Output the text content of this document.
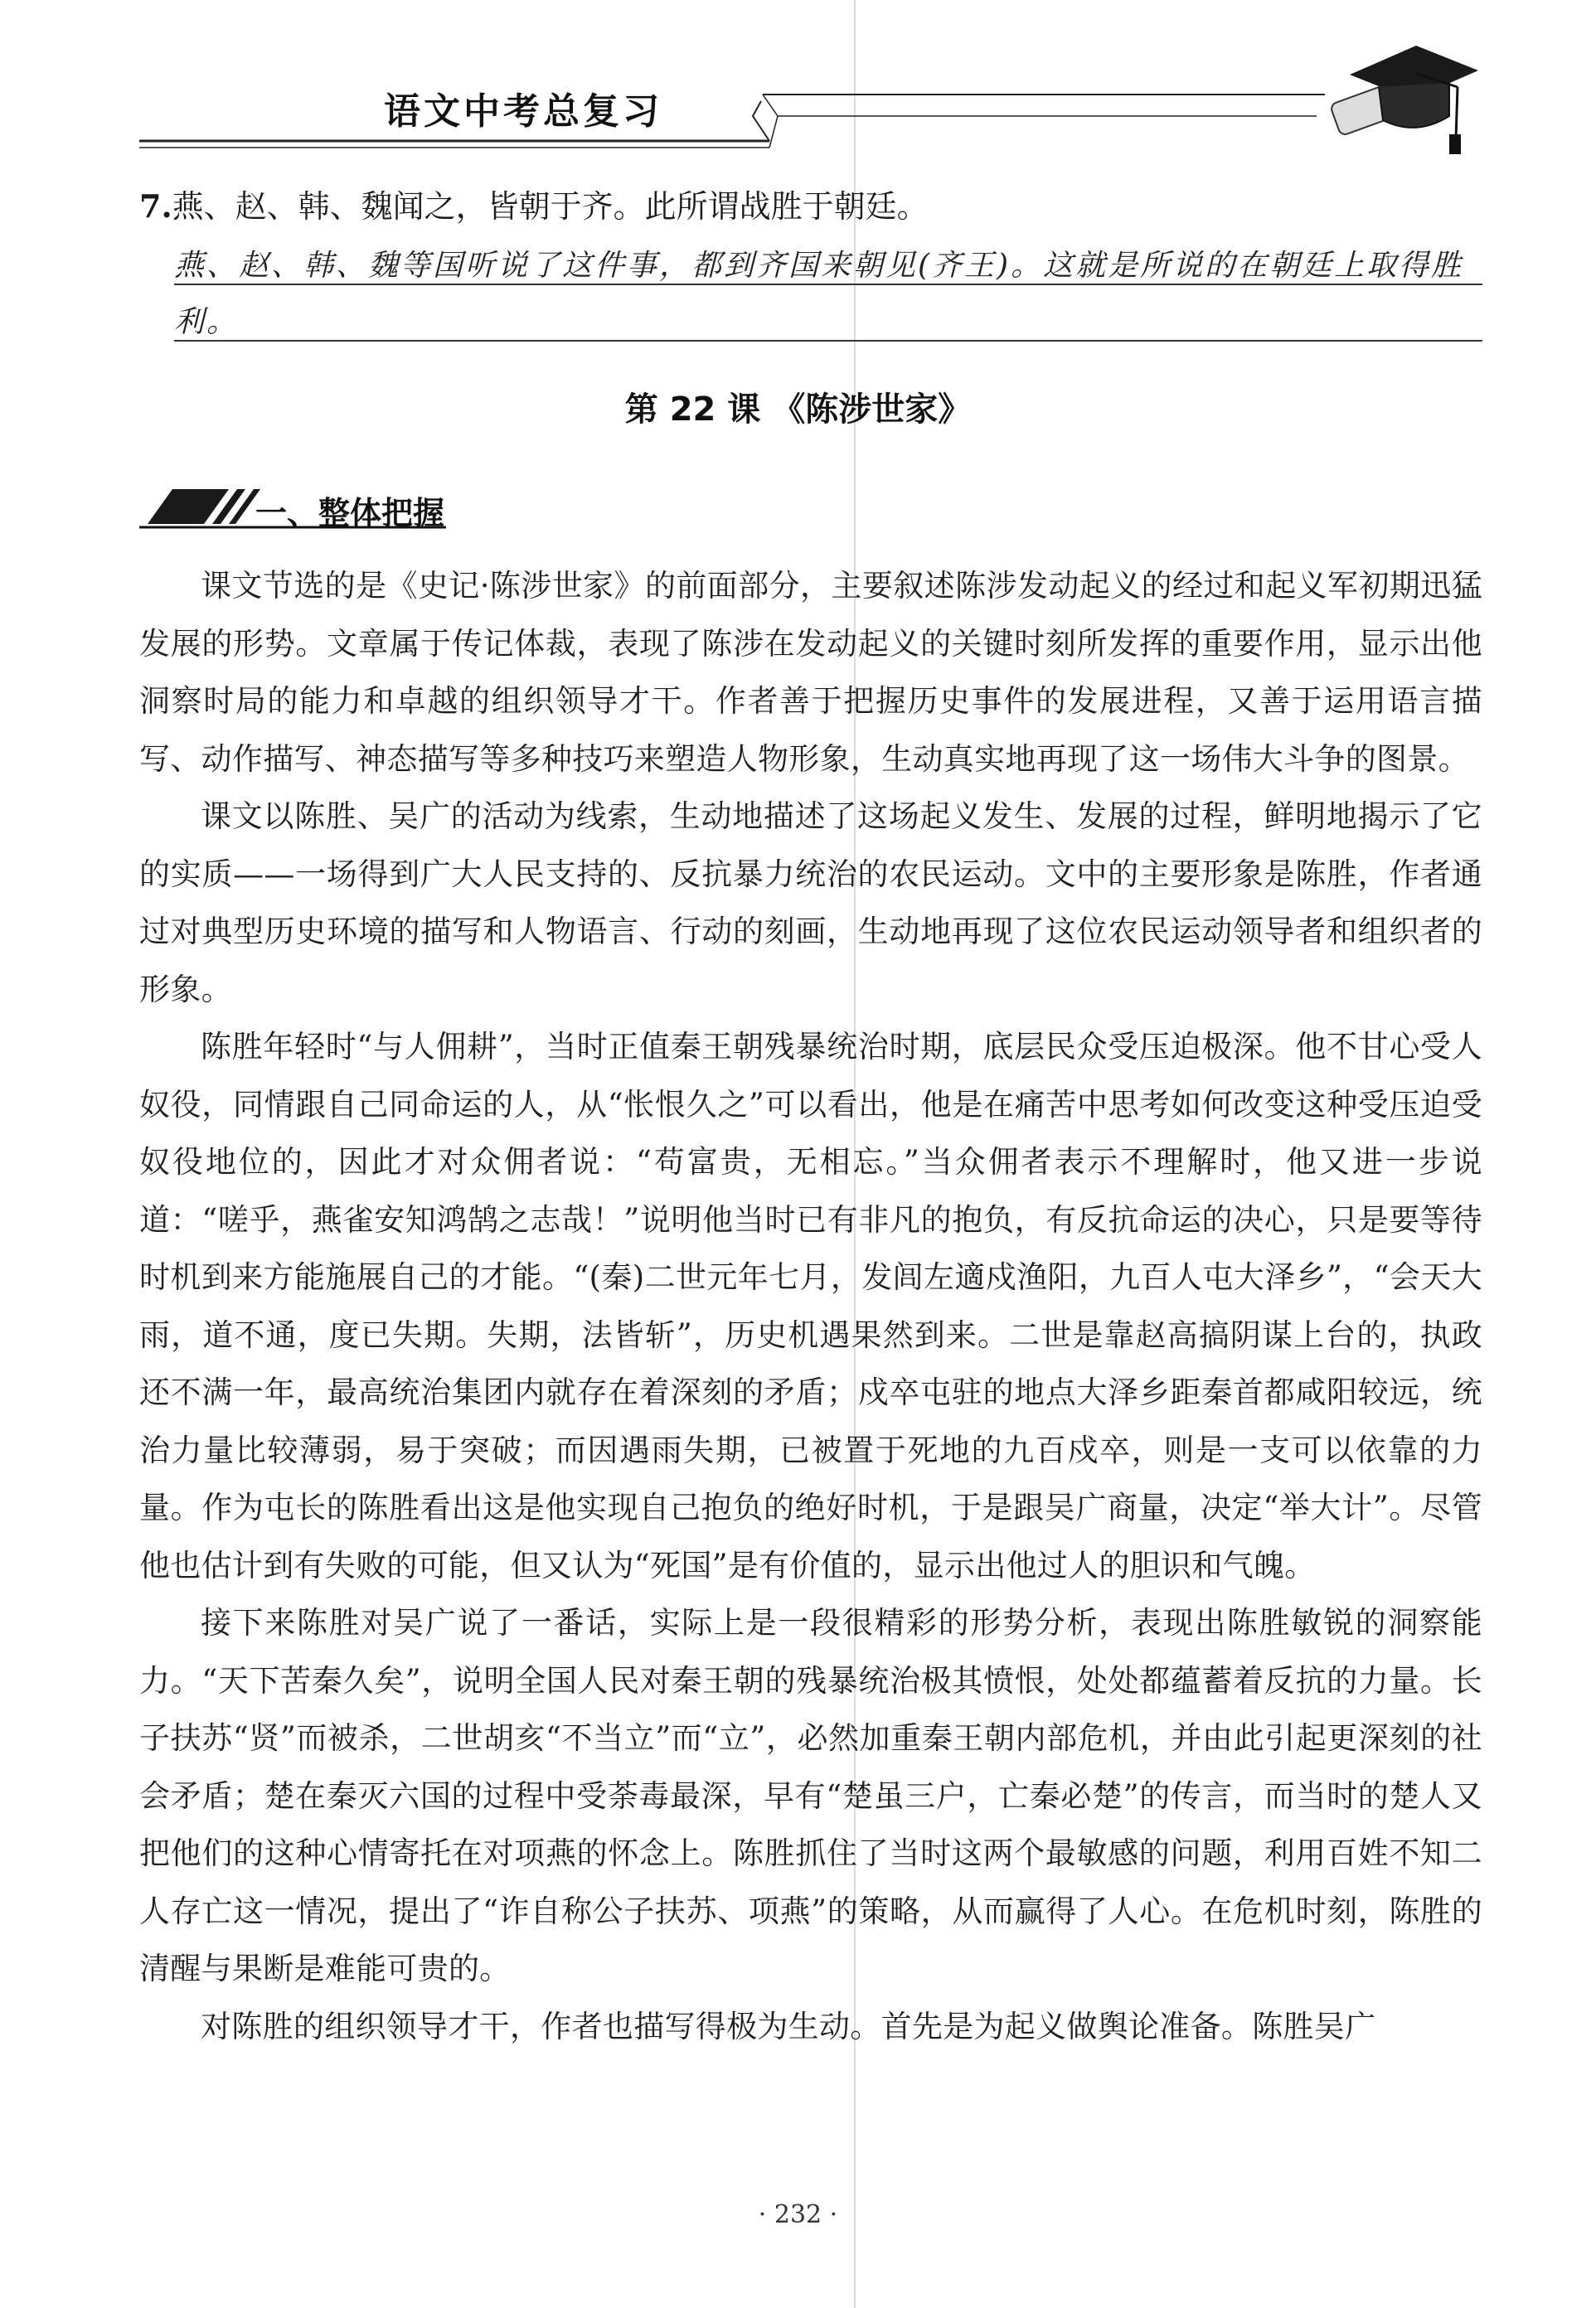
语文中考总复习
7.燕、赵、韩、魏闻之，皆朝于齐。此所谓战胜于朝廷。
燕、赵、韩、魏等国听说了这件事，都到齐国来朝见(齐王)。这就是所说的在朝廷上取得胜
利。
第 22 课 《陈涉世家》
一、整体把握

课文节选的是《史记·陈涉世家》的前面部分，主要叙述陈涉发动起义的经过和起义军初期迅猛发展的形势。文章属于传记体裁，表现了陈涉在发动起义的关键时刻所发挥的重要作用，显示出他洞察时局的能力和卓越的组织领导才干。作者善于把握历史事件的发展进程，又善于运用语言描写、动作描写、神态描写等多种技巧来塑造人物形象，生动真实地再现了这一场伟大斗争的图景。

课文以陈胜、吴广的活动为线索，生动地描述了这场起义发生、发展的过程，鲜明地揭示了它的实质——一场得到广大人民支持的、反抗暴力统治的农民运动。文中的主要形象是陈胜，作者通过对典型历史环境的描写和人物语言、行动的刻画，生动地再现了这位农民运动领导者和组织者的形象。

陈胜年轻时“与人佣耕”，当时正值秦王朝残暴统治时期，底层民众受压迫极深。他不甘心受人奴役，同情跟自己同命运的人，从“怅恨久之”可以看出，他是在痛苦中思考如何改变这种受压迫受奴役地位的，因此才对众佣者说：“苟富贵，无相忘。”当众佣者表示不理解时，他又进一步说道：“嗟乎，燕雀安知鸿鹄之志哉！”说明他当时已有非凡的抱负，有反抗命运的决心，只是要等待时机到来方能施展自己的才能。“(秦)二世元年七月，发闾左適戍渔阳，九百人屯大泽乡”，“会天大雨，道不通，度已失期。失期，法皆斩”，历史机遇果然到来。二世是靠赵高搞阴谋上台的，执政还不满一年，最高统治集团内就存在着深刻的矛盾；戍卒屯驻的地点大泽乡距秦首都咸阳较远，统治力量比较薄弱，易于突破；而因遇雨失期，已被置于死地的九百戍卒，则是一支可以依靠的力量。作为屯长的陈胜看出这是他实现自己抱负的绝好时机，于是跟吴广商量，决定“举大计”。尽管他也估计到有失败的可能，但又认为“死国”是有价值的，显示出他过人的胆识和气魄。

接下来陈胜对吴广说了一番话，实际上是一段很精彩的形势分析，表现出陈胜敏锐的洞察能力。“天下苦秦久矣”，说明全国人民对秦王朝的残暴统治极其愤恨，处处都蕴蓄着反抗的力量。长子扶苏“贤”而被杀，二世胡亥“不当立”而“立”，必然加重秦王朝内部危机，并由此引起更深刻的社会矛盾；楚在秦灭六国的过程中受荼毒最深，早有“楚虽三户，亡秦必楚”的传言，而当时的楚人又把他们的这种心情寄托在对项燕的怀念上。陈胜抓住了当时这两个最敏感的问题，利用百姓不知二人存亡这一情况，提出了“诈自称公子扶苏、项燕”的策略，从而赢得了人心。在危机时刻，陈胜的清醒与果断是难能可贵的。

对陈胜的组织领导才干，作者也描写得极为生动。首先是为起义做舆论准备。陈胜吴广

· 232 ·
